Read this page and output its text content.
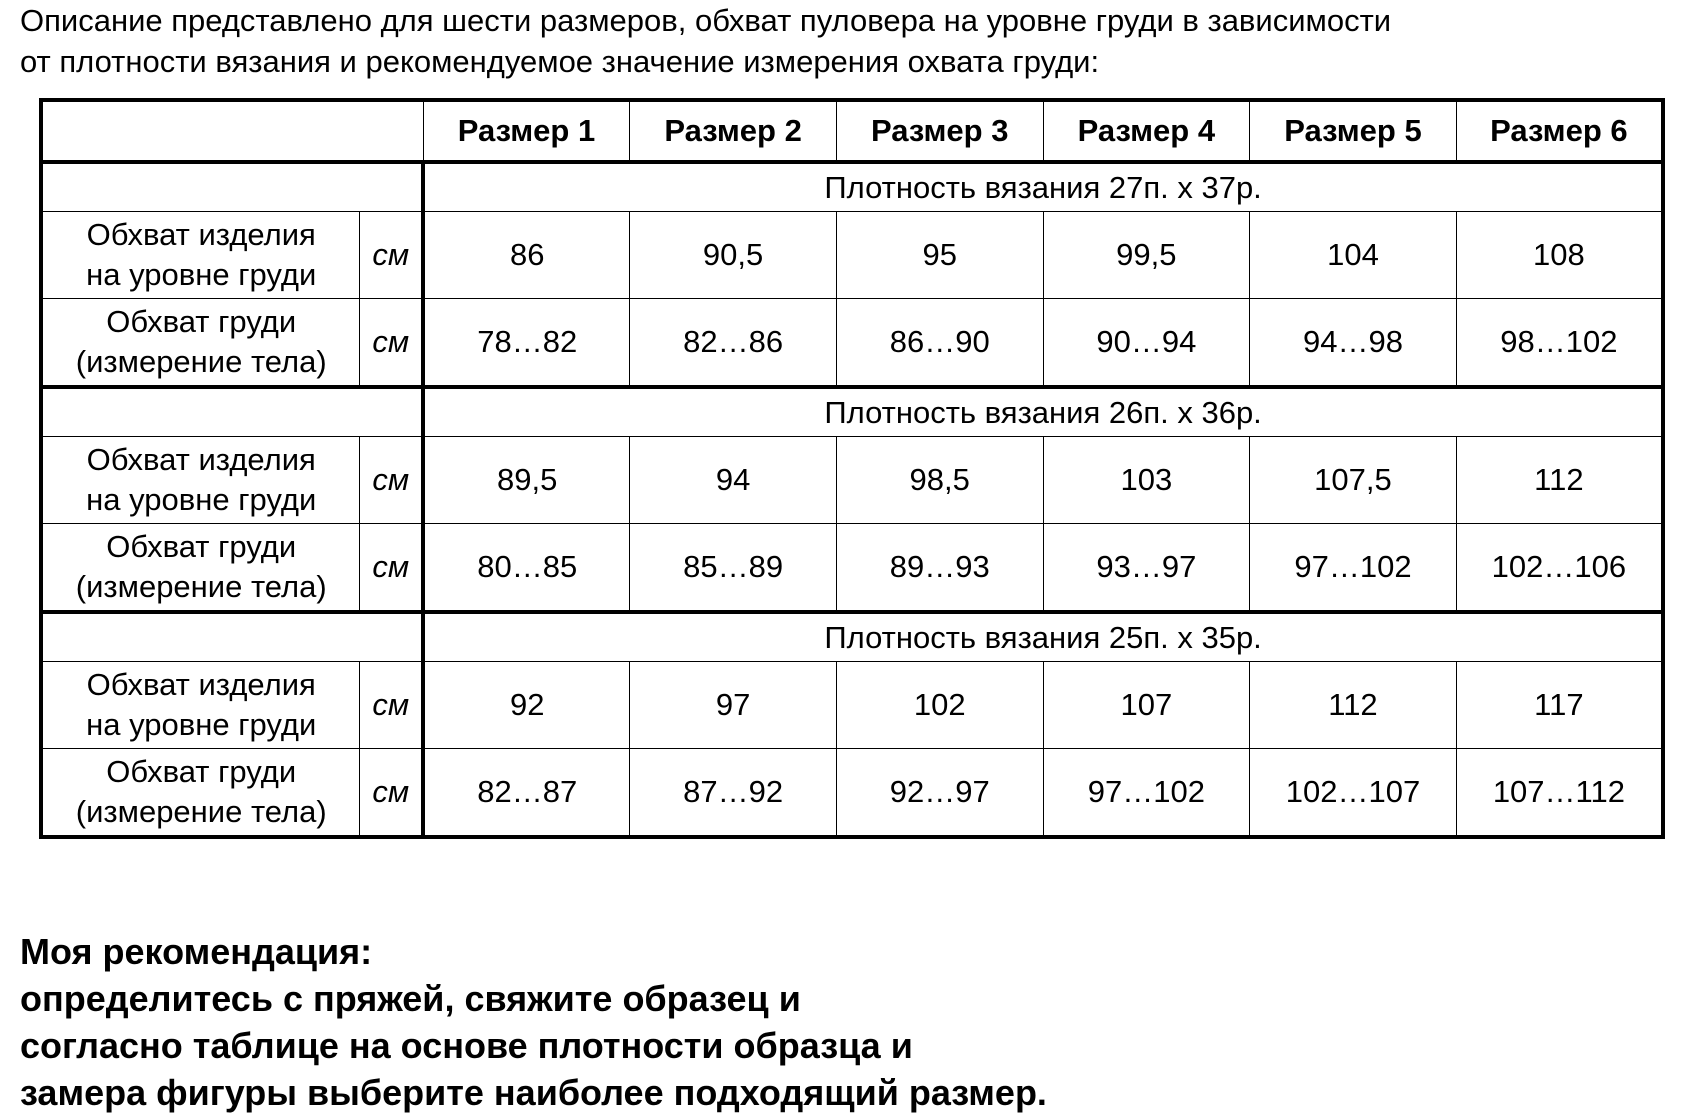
Описание представлено для шести размеров, обхват пуловера на уровне груди в зависимости
от плотности вязания и рекомендуемое значение измерения охвата груди:

		Размер 1	Размер 2	Размер 3	Размер 4	Размер 5	Размер 6
		Плотность вязания 27п. х 37р.					

Обхват изделия
на уровне груди	см	86	90,5	95	99,5	104	108

Обхват груди
(измерение тела)	см	78…82	82…86	86…90	90…94	94…98	98…102
		Плотность вязания 26п. х 36р.					

Обхват изделия
на уровне груди	см	89,5	94	98,5	103	107,5	112

Обхват груди
(измерение тела)	см	80…85	85…89	89…93	93…97	97…102	102…106
		Плотность вязания 25п. х 35р.					

Обхват изделия
на уровне груди	см	92	97	102	107	112	117

Обхват груди
(измерение тела)	см	82…87	87…92	92…97	97…102	102…107	107…112

Моя рекомендация:
определитесь с пряжей, свяжите образец и
согласно таблице на основе плотности образца и
замера фигуры выберите наиболее подходящий размер.
